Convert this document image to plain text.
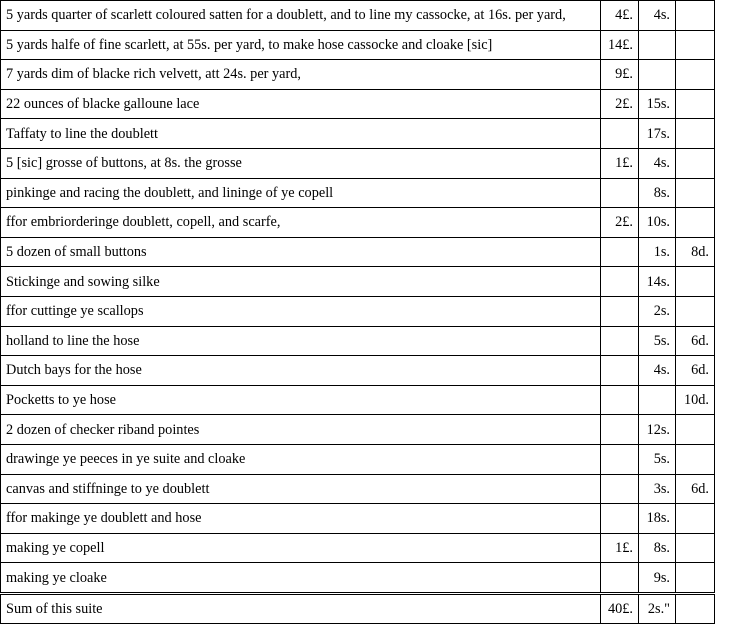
5 yards quarter of scarlett coloured satten for a doublett, and to line my cassocke, at 16s. per yard,	4£.	4s.	
5 yards halfe of fine scarlett, at 55s. per yard, to make hose cassocke and cloake [sic]	14£.		
7 yards dim of blacke rich velvett, att 24s. per yard,	9£.		
22 ounces of blacke galloune lace	2£.	15s.	
Taffaty to line the doublett		17s.	
5 [sic] grosse of buttons, at 8s. the grosse	1£.	4s.	
pinkinge and racing the doublett, and lininge of ye copell		8s.	
ffor embriorderinge doublett, copell, and scarfe,	2£.	10s.	
5 dozen of small buttons		1s.	8d.
Stickinge and sowing silke		14s.	
ffor cuttinge ye scallops		2s.	
holland to line the hose		5s.	6d.
Dutch bays for the hose		4s.	6d.
Pocketts to ye hose			10d.
2 dozen of checker riband pointes		12s.	
drawinge ye peeces in ye suite and cloake		5s.	
canvas and stiffninge to ye doublett		3s.	6d.
ffor makinge ye doublett and hose		18s.	
making ye copell	1£.	8s.	
making ye cloake		9s.	
Sum of this suite	40£.	2s."	
